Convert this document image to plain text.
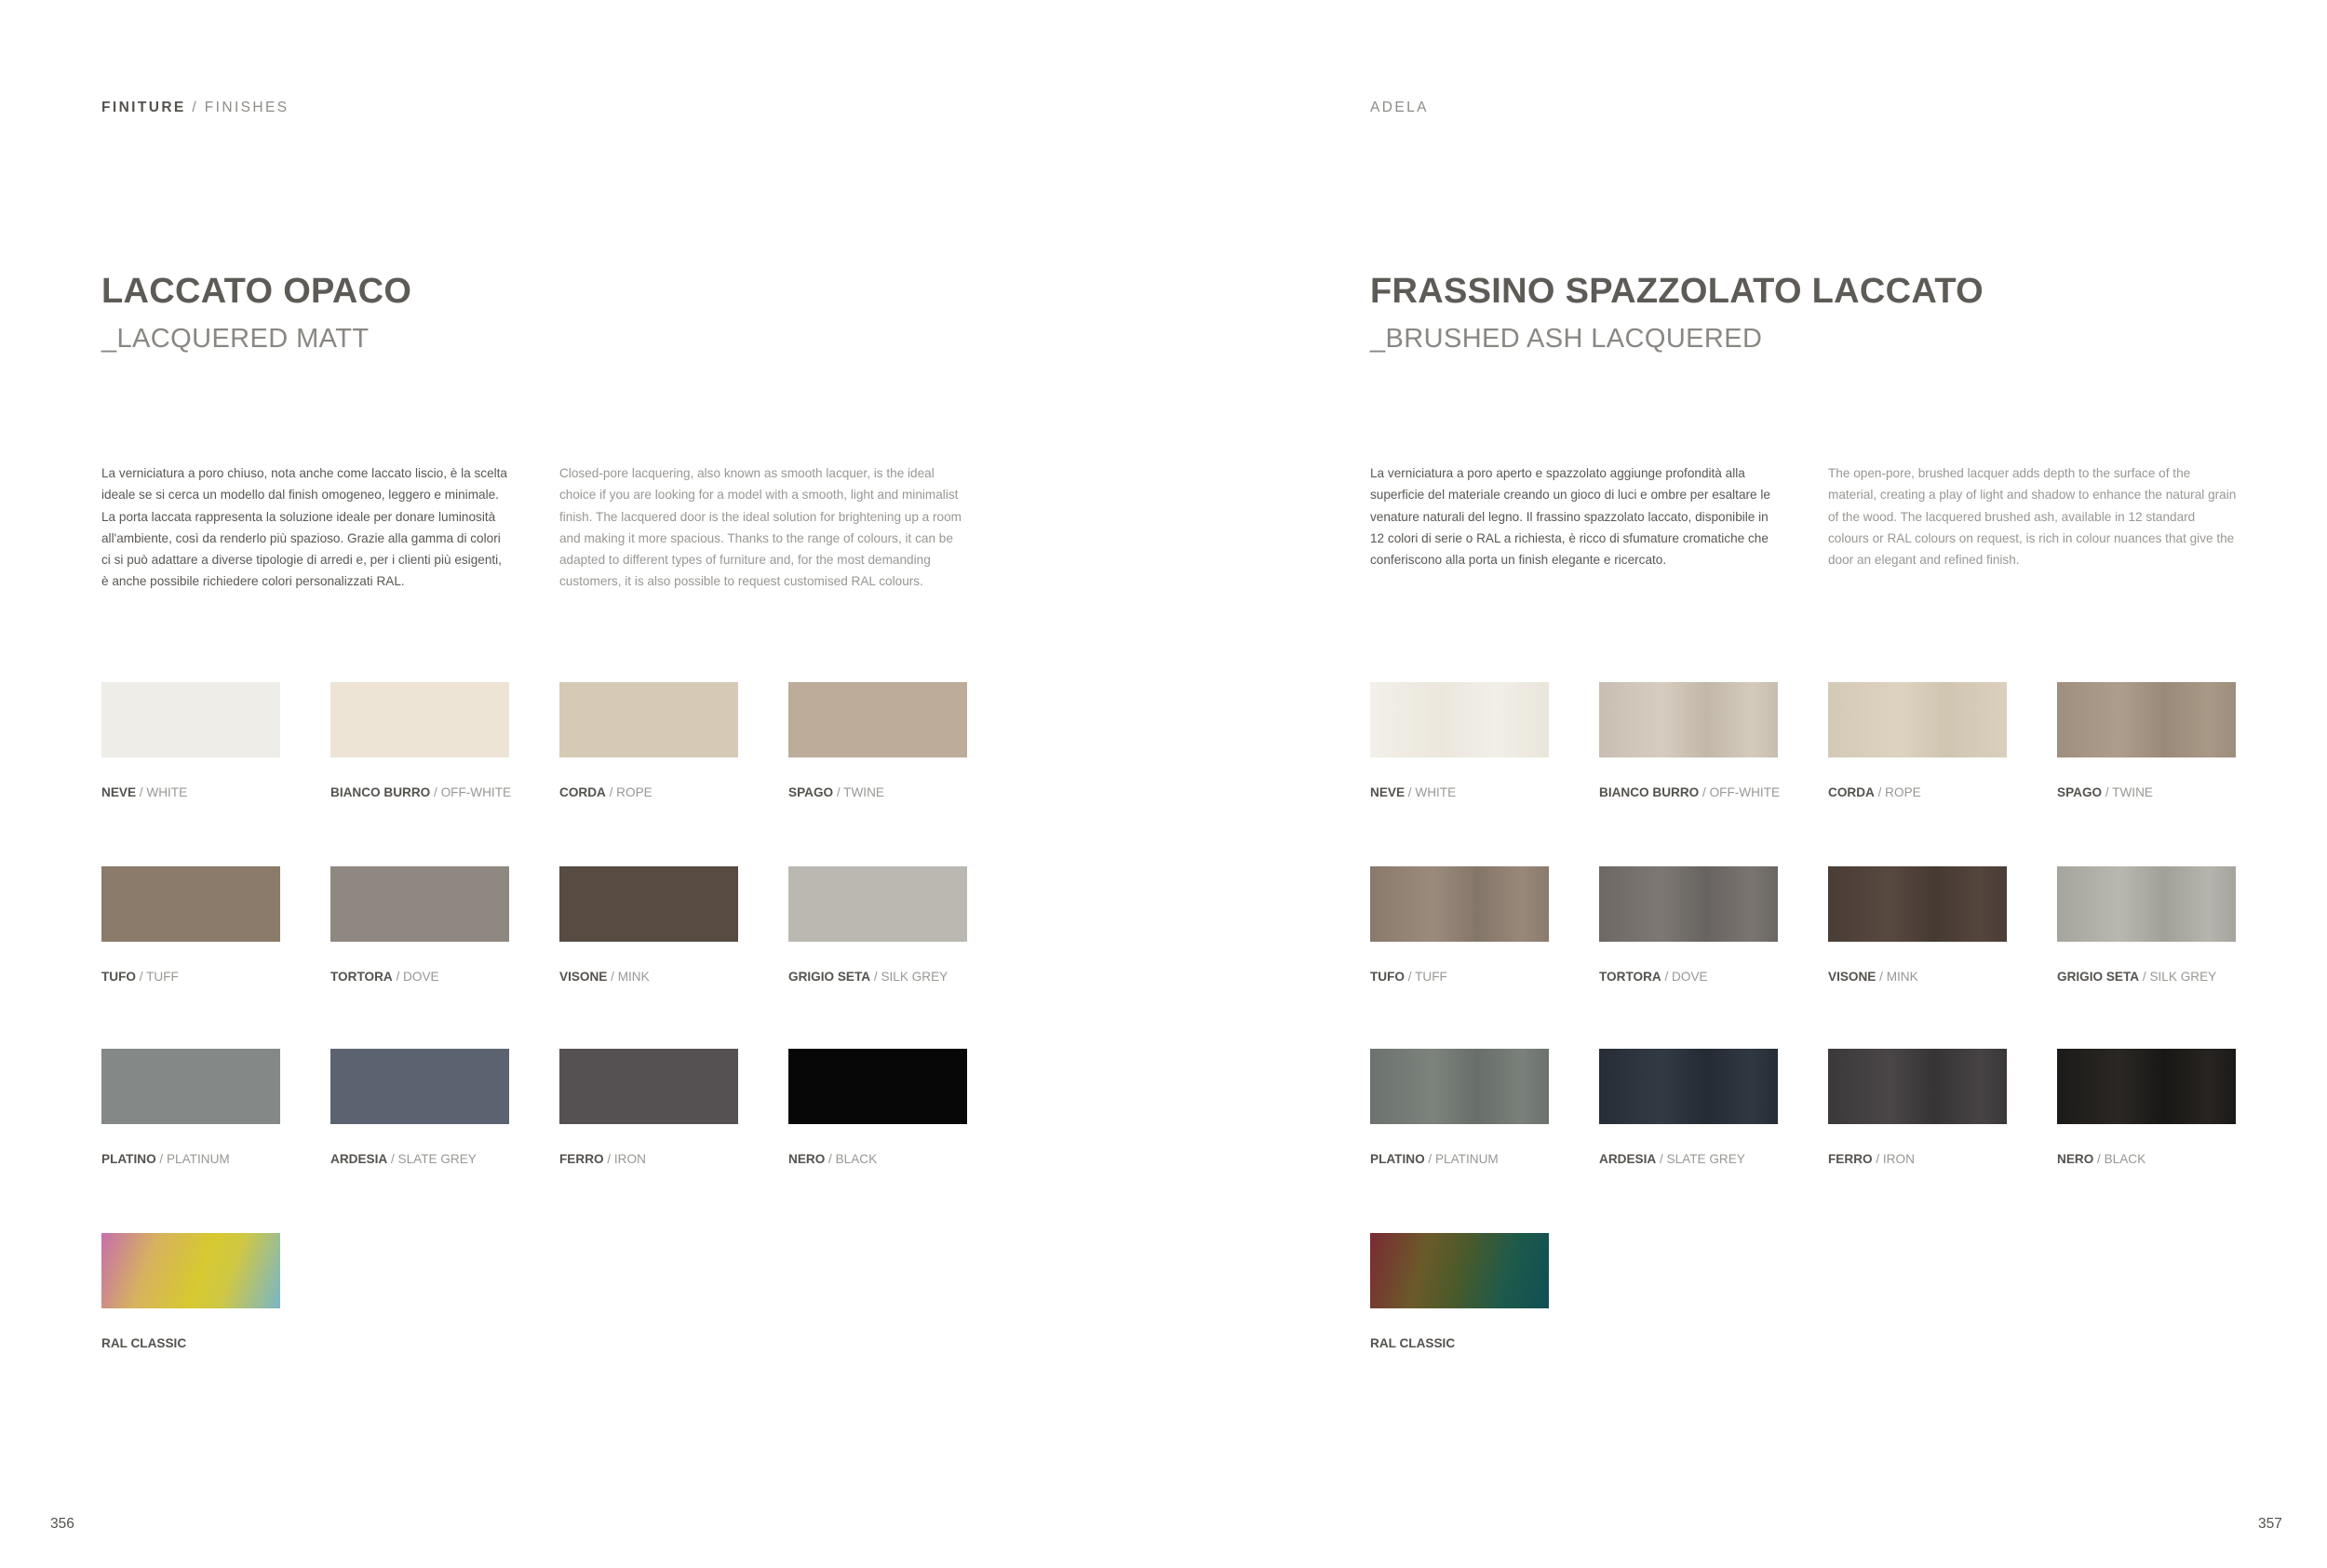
FINITURE / FINISHES
LACCATO OPACO
_LACQUERED MATT

La verniciatura a poro chiuso, nota anche come laccato liscio, è la scelta ideale se si cerca un modello dal finish omogeneo, leggero e minimale. La porta laccata rappresenta la soluzione ideale per donare luminosità all'ambiente, così da renderlo più spazioso. Grazie alla gamma di colori ci si può adattare a diverse tipologie di arredi e, per i clienti più esigenti, è anche possibile richiedere colori personalizzati RAL.

Closed-pore lacquering, also known as smooth lacquer, is the ideal choice if you are looking for a model with a smooth, light and minimalist finish. The lacquered door is the ideal solution for brightening up a room and making it more spacious. Thanks to the range of colours, it can be adapted to different types of furniture and, for the most demanding customers, it is also possible to request customised RAL colours.

356
NEVE / WHITE	BIANCO BURRO / OFF-WHITE	CORDA / ROPE	SPAGO / TWINE
TUFO / TUFF	TORTORA / DOVE	VISONE / MINK	GRIGIO SETA / SILK GREY
PLATINO / PLATINUM	ARDESIA / SLATE GREY	FERRO / IRON	NERO / BLACK
RAL CLASSIC
ADELA
FRASSINO SPAZZOLATO LACCATO
_BRUSHED ASH LACQUERED

La verniciatura a poro aperto e spazzolato aggiunge profondità alla superficie del materiale creando un gioco di luci e ombre per esaltare le venature naturali del legno. Il frassino spazzolato laccato, disponibile in 12 colori di serie o RAL a richiesta, è ricco di sfumature cromatiche che conferiscono alla porta un finish elegante e ricercato.

The open-pore, brushed lacquer adds depth to the surface of the material, creating a play of light and shadow to enhance the natural grain of the wood. The lacquered brushed ash, available in 12 standard colours or RAL colours on request, is rich in colour nuances that give the door an elegant and refined finish.

357
NEVE / WHITE	BIANCO BURRO / OFF-WHITE	CORDA / ROPE	SPAGO / TWINE
TUFO / TUFF	TORTORA / DOVE	VISONE / MINK	GRIGIO SETA / SILK GREY
PLATINO / PLATINUM	ARDESIA / SLATE GREY	FERRO / IRON	NERO / BLACK
RAL CLASSIC
